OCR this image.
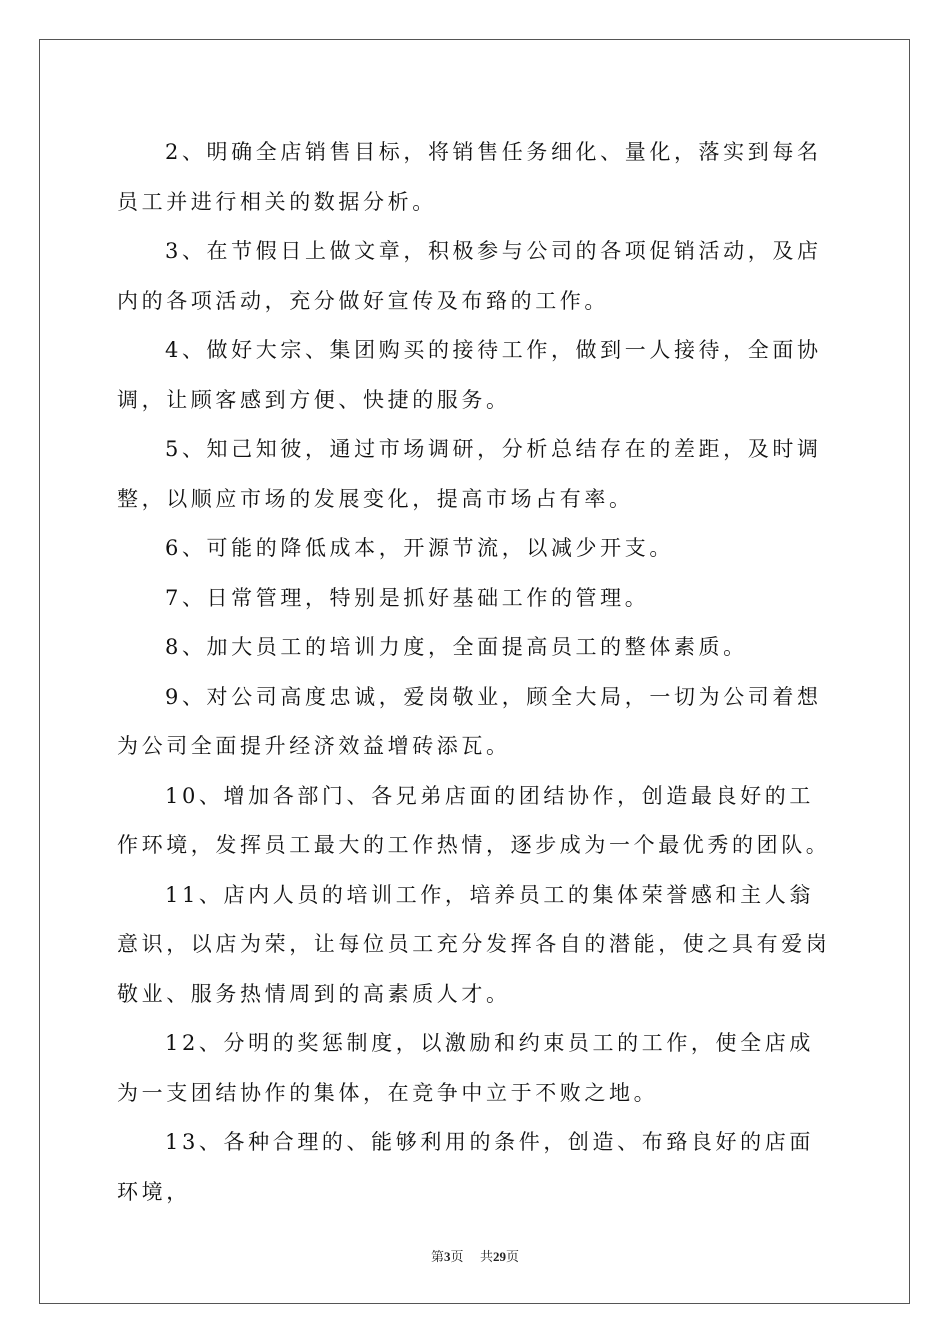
2、明确全店销售目标，将销售任务细化、量化，落实到每名员工并进行相关的数据分析。

3、在节假日上做文章，积极参与公司的各项促销活动，及店内的各项活动，充分做好宣传及布臵的工作。

4、做好大宗、集团购买的接待工作，做到一人接待，全面协调，让顾客感到方便、快捷的服务。

5、知己知彼，通过市场调研，分析总结存在的差距，及时调整，以顺应市场的发展变化，提高市场占有率。

6、可能的降低成本，开源节流，以减少开支。

7、日常管理，特别是抓好基础工作的管理。

8、加大员工的培训力度，全面提高员工的整体素质。

9、对公司高度忠诚，爱岗敬业，顾全大局，一切为公司着想为公司全面提升经济效益增砖添瓦。

10、增加各部门、各兄弟店面的团结协作，创造最良好的工作环境，发挥员工最大的工作热情，逐步成为一个最优秀的团队。

11、店内人员的培训工作，培养员工的集体荣誉感和主人翁意识，以店为荣，让每位员工充分发挥各自的潜能，使之具有爱岗敬业、服务热情周到的高素质人才。

12、分明的奖惩制度，以激励和约束员工的工作，使全店成为一支团结协作的集体，在竞争中立于不败之地。

13、各种合理的、能够利用的条件，创造、布臵良好的店面环境，

第3页 共29页
